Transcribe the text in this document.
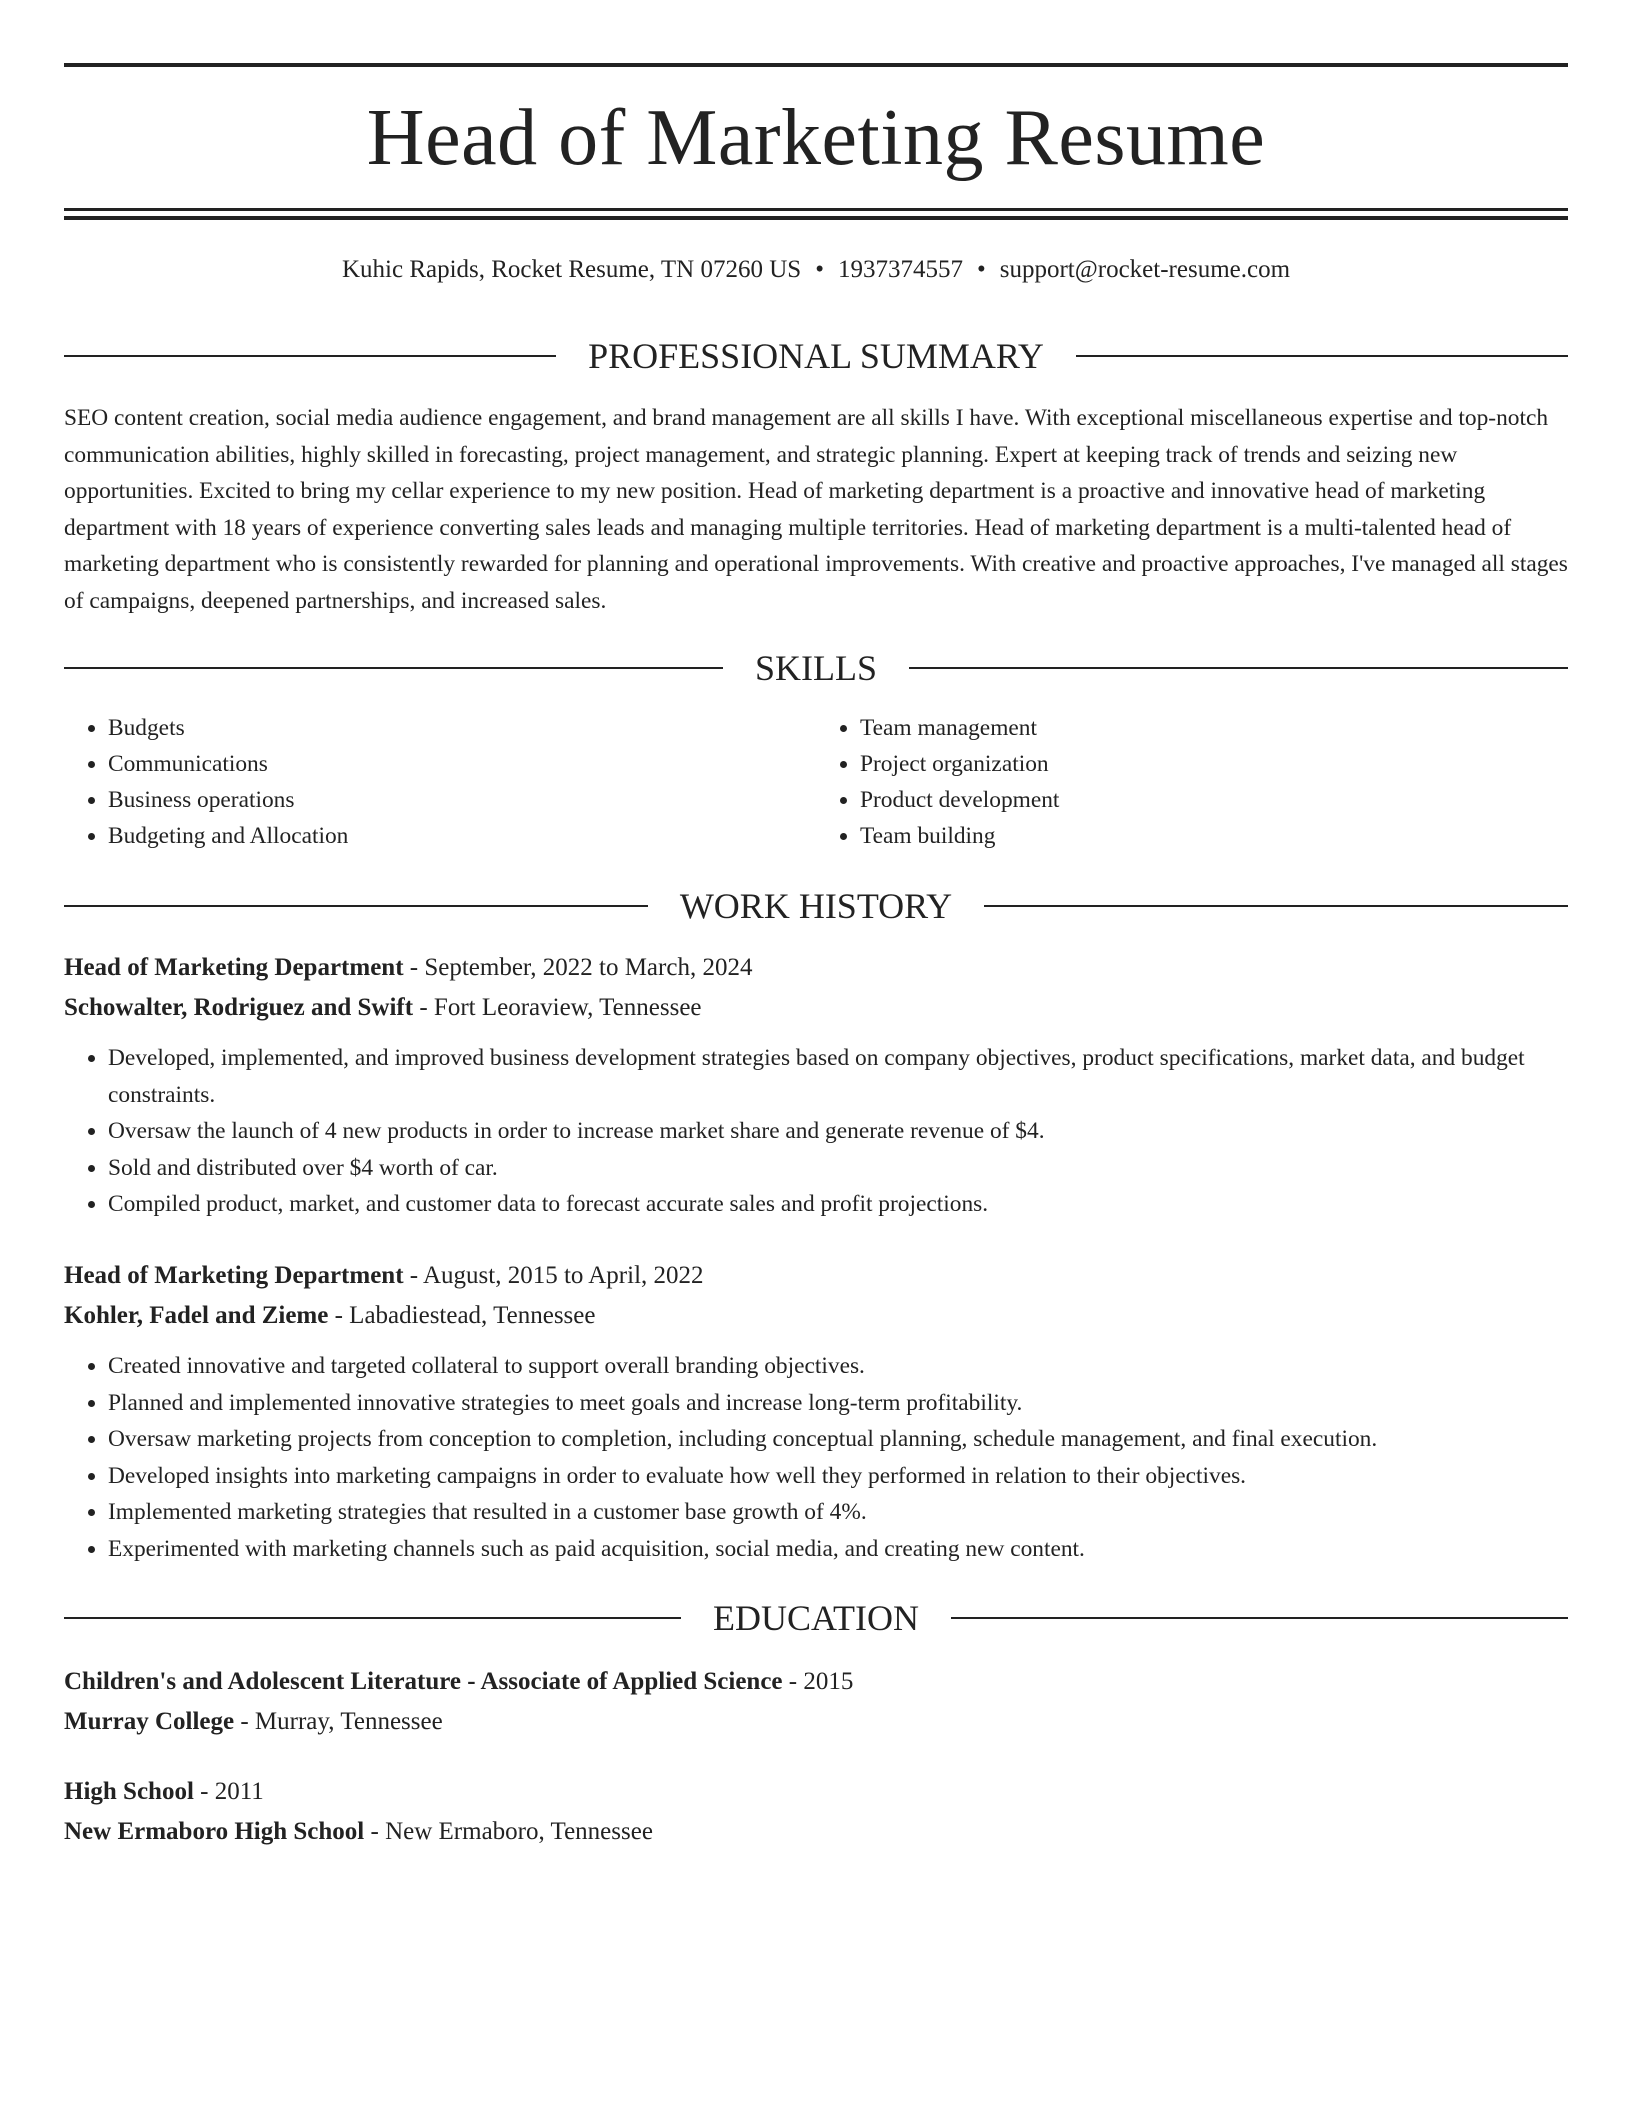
Head of Marketing Resume
Kuhic Rapids, Rocket Resume, TN 07260 US • 1937374557 • support@rocket-resume.com
PROFESSIONAL SUMMARY

SEO content creation, social media audience engagement, and brand management are all skills I have. With exceptional miscellaneous expertise and top-notch communication abilities, highly skilled in forecasting, project management, and strategic planning. Expert at keeping track of trends and seizing new opportunities. Excited to bring my cellar experience to my new position. Head of marketing department is a proactive and innovative head of marketing department with 18 years of experience converting sales leads and managing multiple territories. Head of marketing department is a multi-talented head of marketing department who is consistently rewarded for planning and operational improvements. With creative and proactive approaches, I've managed all stages of campaigns, deepened partnerships, and increased sales.

SKILLS
• Budgets
• Communications
• Business operations
• Budgeting and Allocation
• Team management
• Project organization
• Product development
• Team building
WORK HISTORY
Head of Marketing Department - September, 2022 to March, 2024
Schowalter, Rodriguez and Swift - Fort Leoraview, Tennessee
• Developed, implemented, and improved business development strategies based on company objectives, product specifications, market data, and budget constraints.
• Oversaw the launch of 4 new products in order to increase market share and generate revenue of $4.
• Sold and distributed over $4 worth of car.
• Compiled product, market, and customer data to forecast accurate sales and profit projections.
Head of Marketing Department - August, 2015 to April, 2022
Kohler, Fadel and Zieme - Labadiestead, Tennessee
• Created innovative and targeted collateral to support overall branding objectives.
• Planned and implemented innovative strategies to meet goals and increase long-term profitability.
• Oversaw marketing projects from conception to completion, including conceptual planning, schedule management, and final execution.
• Developed insights into marketing campaigns in order to evaluate how well they performed in relation to their objectives.
• Implemented marketing strategies that resulted in a customer base growth of 4%.
• Experimented with marketing channels such as paid acquisition, social media, and creating new content.
EDUCATION
Children's and Adolescent Literature - Associate of Applied Science - 2015
Murray College - Murray, Tennessee
High School - 2011
New Ermaboro High School - New Ermaboro, Tennessee
